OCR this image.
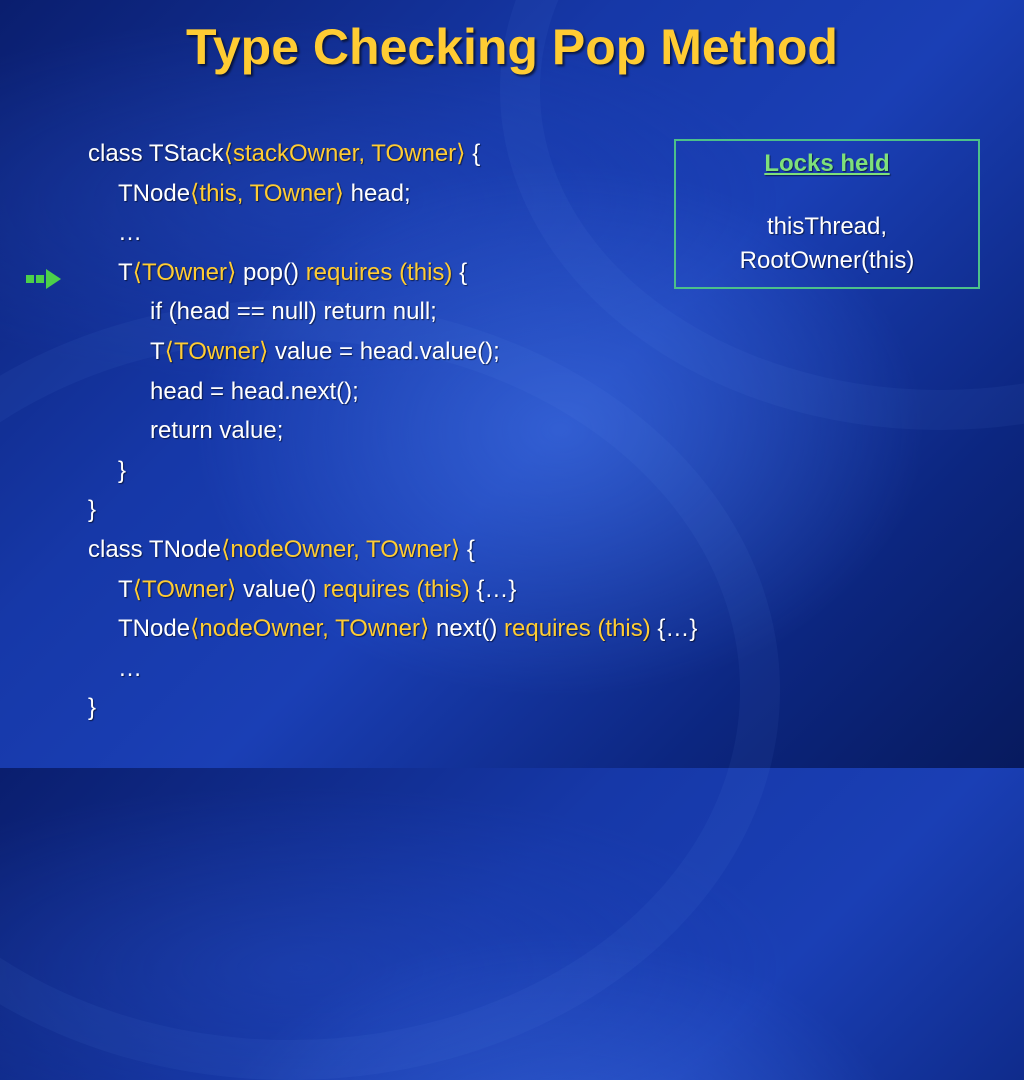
Type Checking Pop Method
class TStack⟨stackOwner, TOwner⟩ {
TNode⟨this, TOwner⟩ head;
…
T⟨TOwner⟩ pop() requires (this) {
if (head == null) return null;
T⟨TOwner⟩ value = head.value();
head = head.next();
return value;
}
}
class TNode⟨nodeOwner, TOwner⟩ {
T⟨TOwner⟩ value() requires (this) {…}
TNode⟨nodeOwner, TOwner⟩ next() requires (this) {…}
…
}
Locks held
thisThread,
RootOwner(this)
